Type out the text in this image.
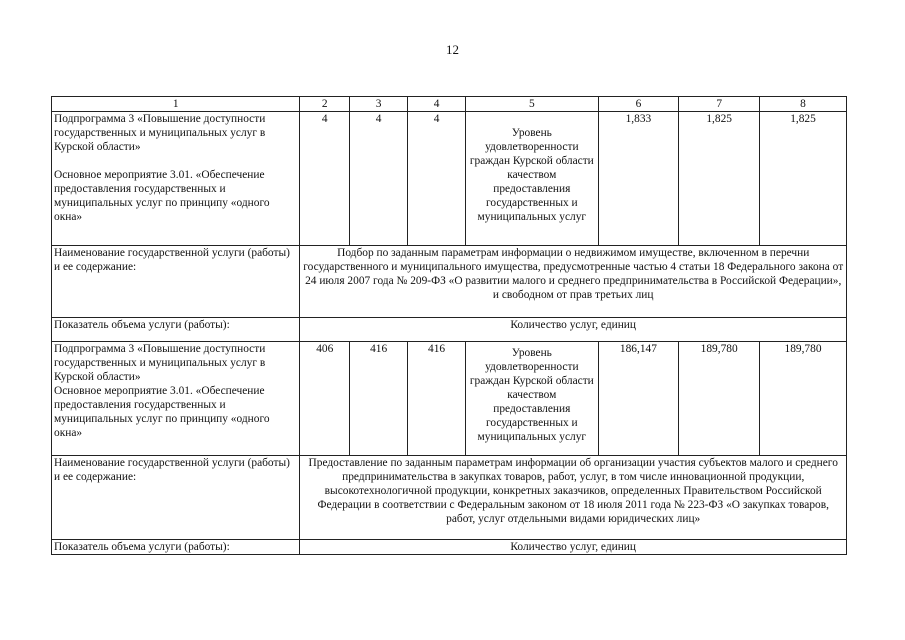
12
1	2	3	4	5	6	7	8

Подпрограмма 3 «Повышение доступности государственных и муниципальных услуг в Курской области»
Основное мероприятие 3.01. «Обеспечение предоставления государственных и муниципальных услуг по принципу «одного окна»	4	4	4	Уровень удовлетворенности граждан Курской области качеством предоставления государственных и муниципальных услуг	1,833	1,825	1,825
Наименование государственной услуги (работы) и ее содержание:	Подбор по заданным параметрам информации о недвижимом имуществе, включенном в перечни государственного и муниципального имущества, предусмотренные частью 4 статьи 18 Федерального закона от 24 июля 2007 года № 209-ФЗ «О развитии малого и среднего предпринимательства в Российской Федерации», и свободном от прав третьих лиц						
Показатель объема услуги (работы):	Количество услуг, единиц						

Подпрограмма 3 «Повышение доступности государственных и муниципальных услуг в Курской области»
Основное мероприятие 3.01. «Обеспечение предоставления государственных и муниципальных услуг по принципу «одного окна»	406	416	416	Уровень удовлетворенности граждан Курской области качеством предоставления государственных и муниципальных услуг	186,147	189,780	189,780
Наименование государственной услуги (работы) и ее содержание:	Предоставление по заданным параметрам информации об организации участия субъектов малого и среднего предпринимательства в закупках товаров, работ, услуг, в том числе инновационной продукции, высокотехнологичной продукции, конкретных заказчиков, определенных Правительством Российской Федерации в соответствии с Федеральным законом от 18 июля 2011 года № 223-ФЗ «О закупках товаров, работ, услуг отдельными видами юридических лиц»						
Показатель объема услуги (работы):	Количество услуг, единиц						
